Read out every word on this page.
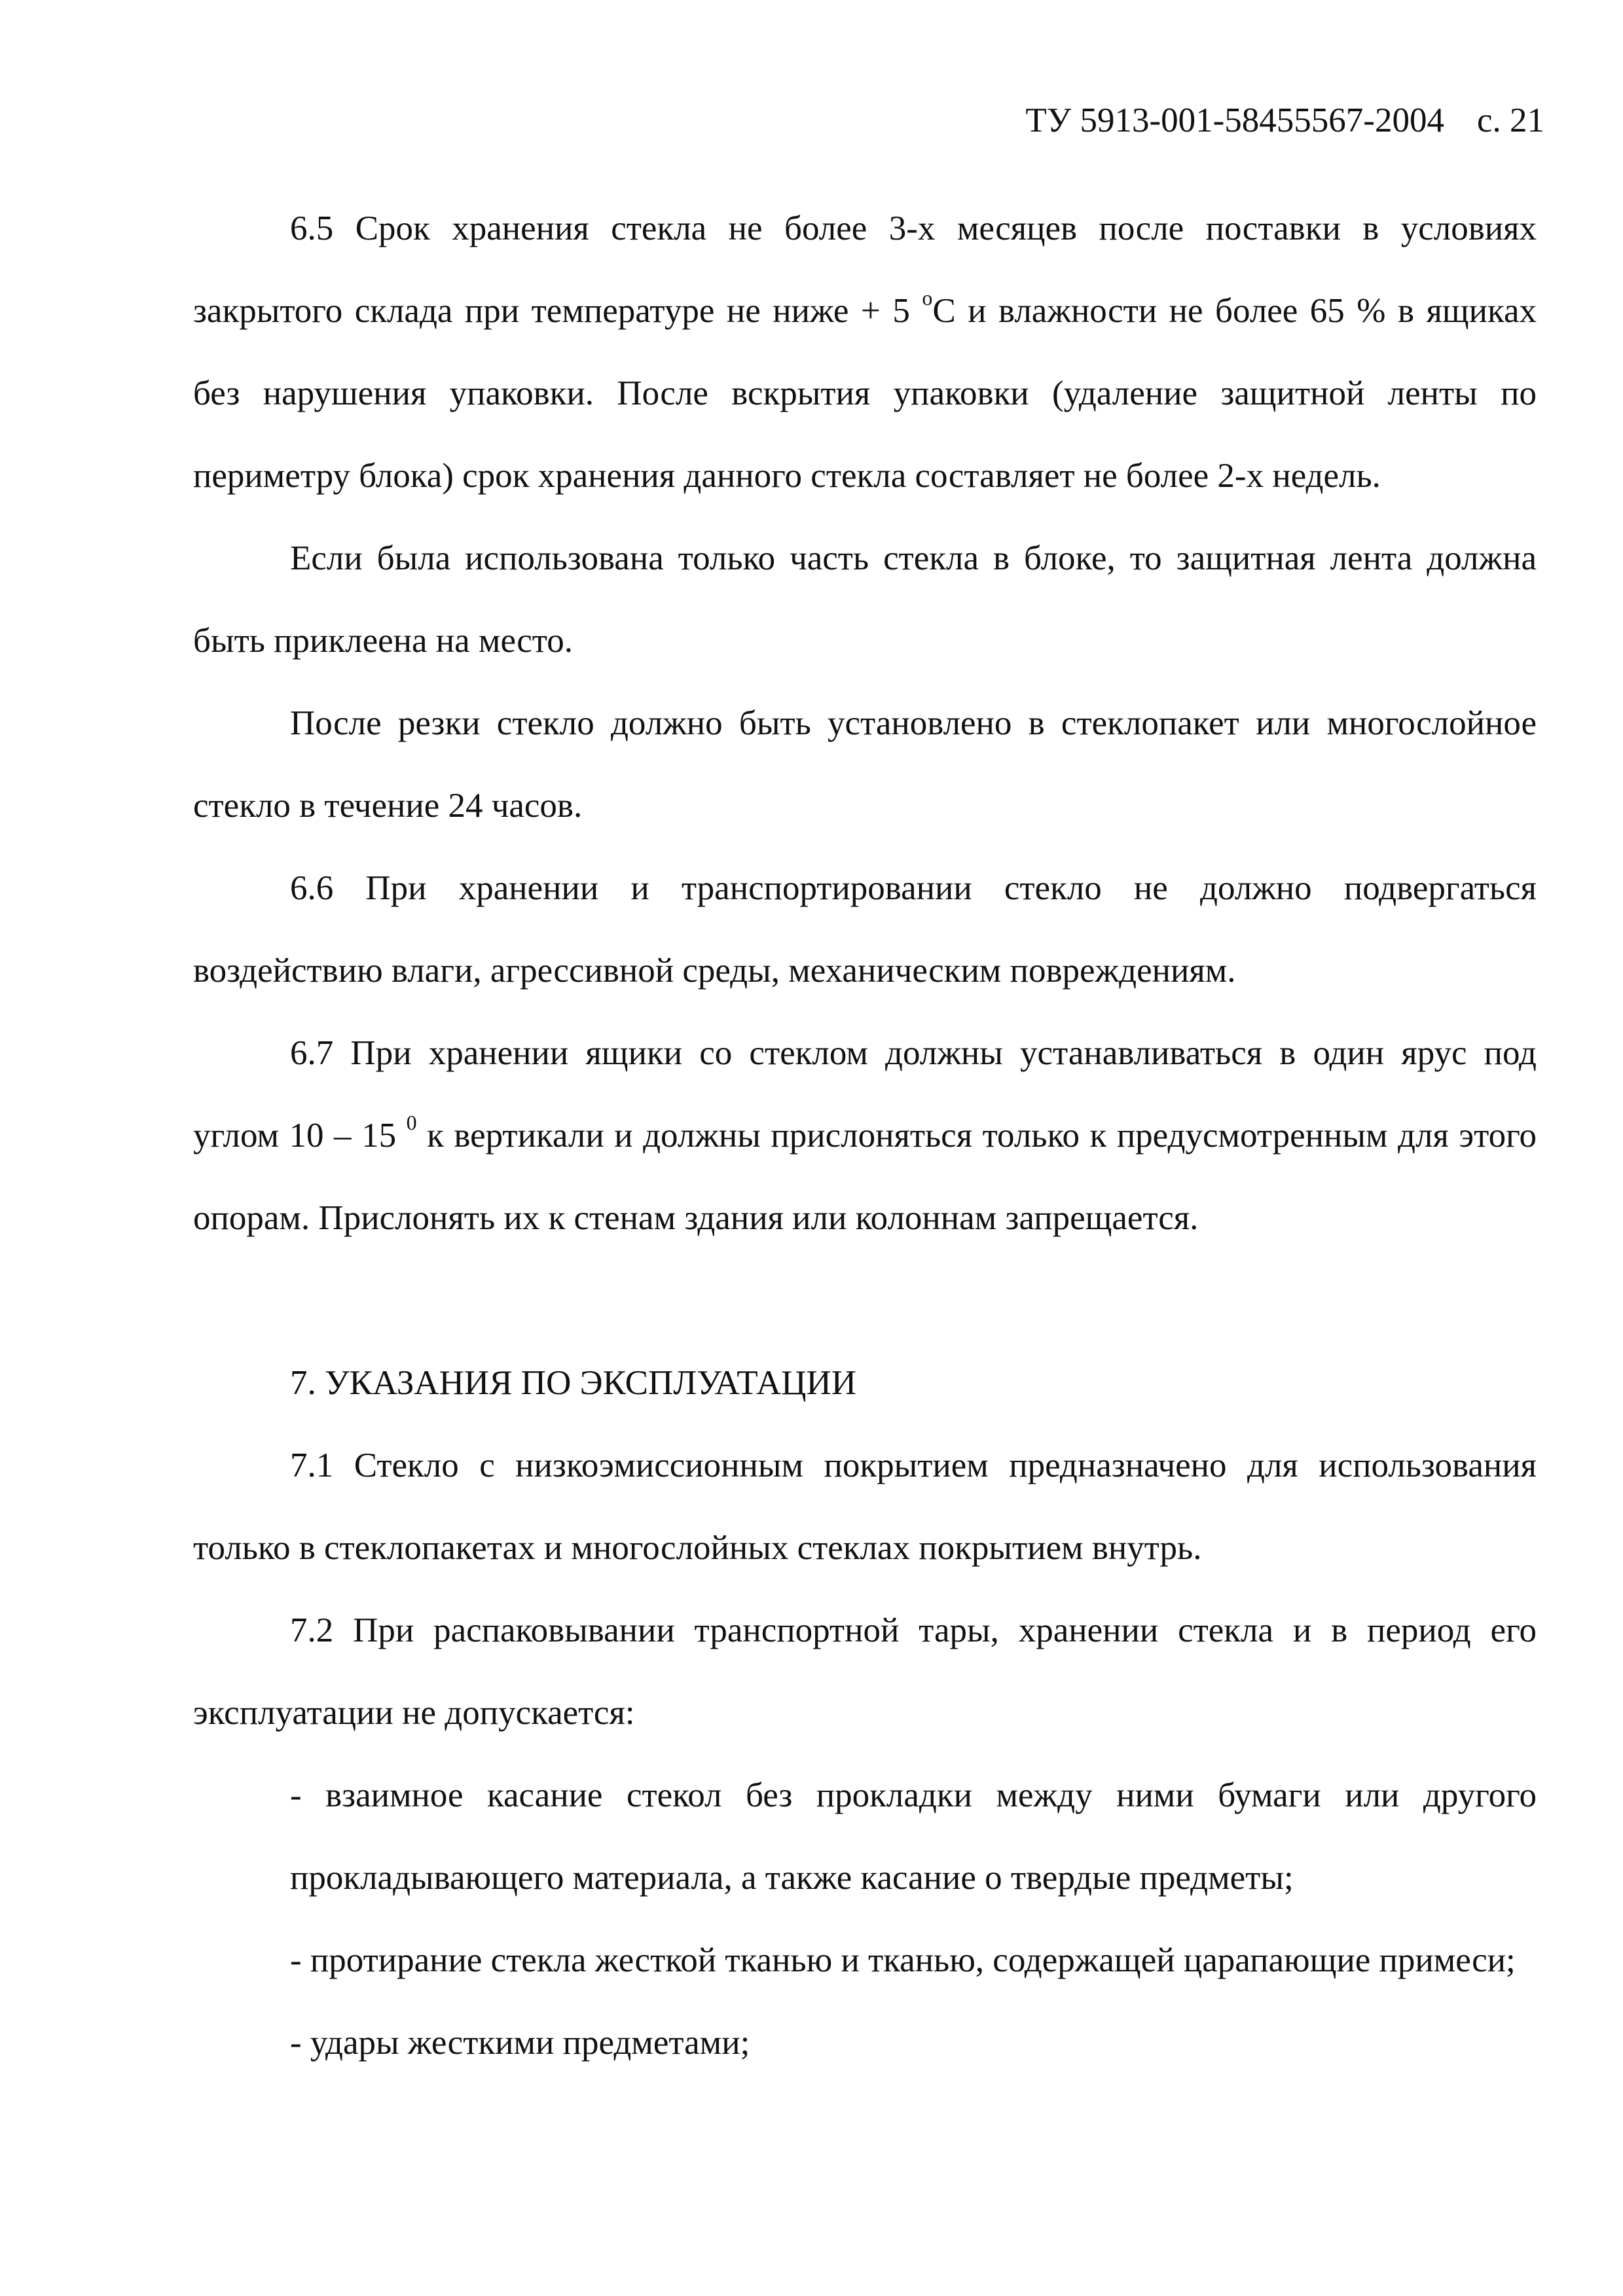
ТУ 5913-001-58455567-2004 с. 21

6.5 Срок хранения стекла не более 3-х месяцев после поставки в условиях закрытого склада при температуре не ниже + 5 $^о$С и влажности не более 65 % в ящиках без нарушения упаковки. После вскрытия упаковки (удаление защитной ленты по периметру блока) срок хранения данного стекла составляет не более 2-х недель.

Если была использована только часть стекла в блоке, то защитная лента должна быть приклеена на место.

После резки стекло должно быть установлено в стеклопакет или многослойное стекло в течение 24 часов.

6.6 При хранении и транспортировании стекло не должно подвергаться воздействию влаги, агрессивной среды, механическим повреждениям.

6.7 При хранении ящики со стеклом должны устанавливаться в один ярус под углом 10 – 15 $^0$ к вертикали и должны прислоняться только к предусмотренным для этого опорам. Прислонять их к стенам здания или колоннам запрещается.

7. УКАЗАНИЯ ПО ЭКСПЛУАТАЦИИ

7.1 Стекло с низкоэмиссионным покрытием предназначено для использования только в стеклопакетах и многослойных стеклах покрытием внутрь.

7.2 При распаковывании транспортной тары, хранении стекла и в период его эксплуатации не допускается:

- взаимное касание стекол без прокладки между ними бумаги или другого прокладывающего материала, а также касание о твердые предметы;

- протирание стекла жесткой тканью и тканью, содержащей царапающие примеси;

- удары жесткими предметами;
